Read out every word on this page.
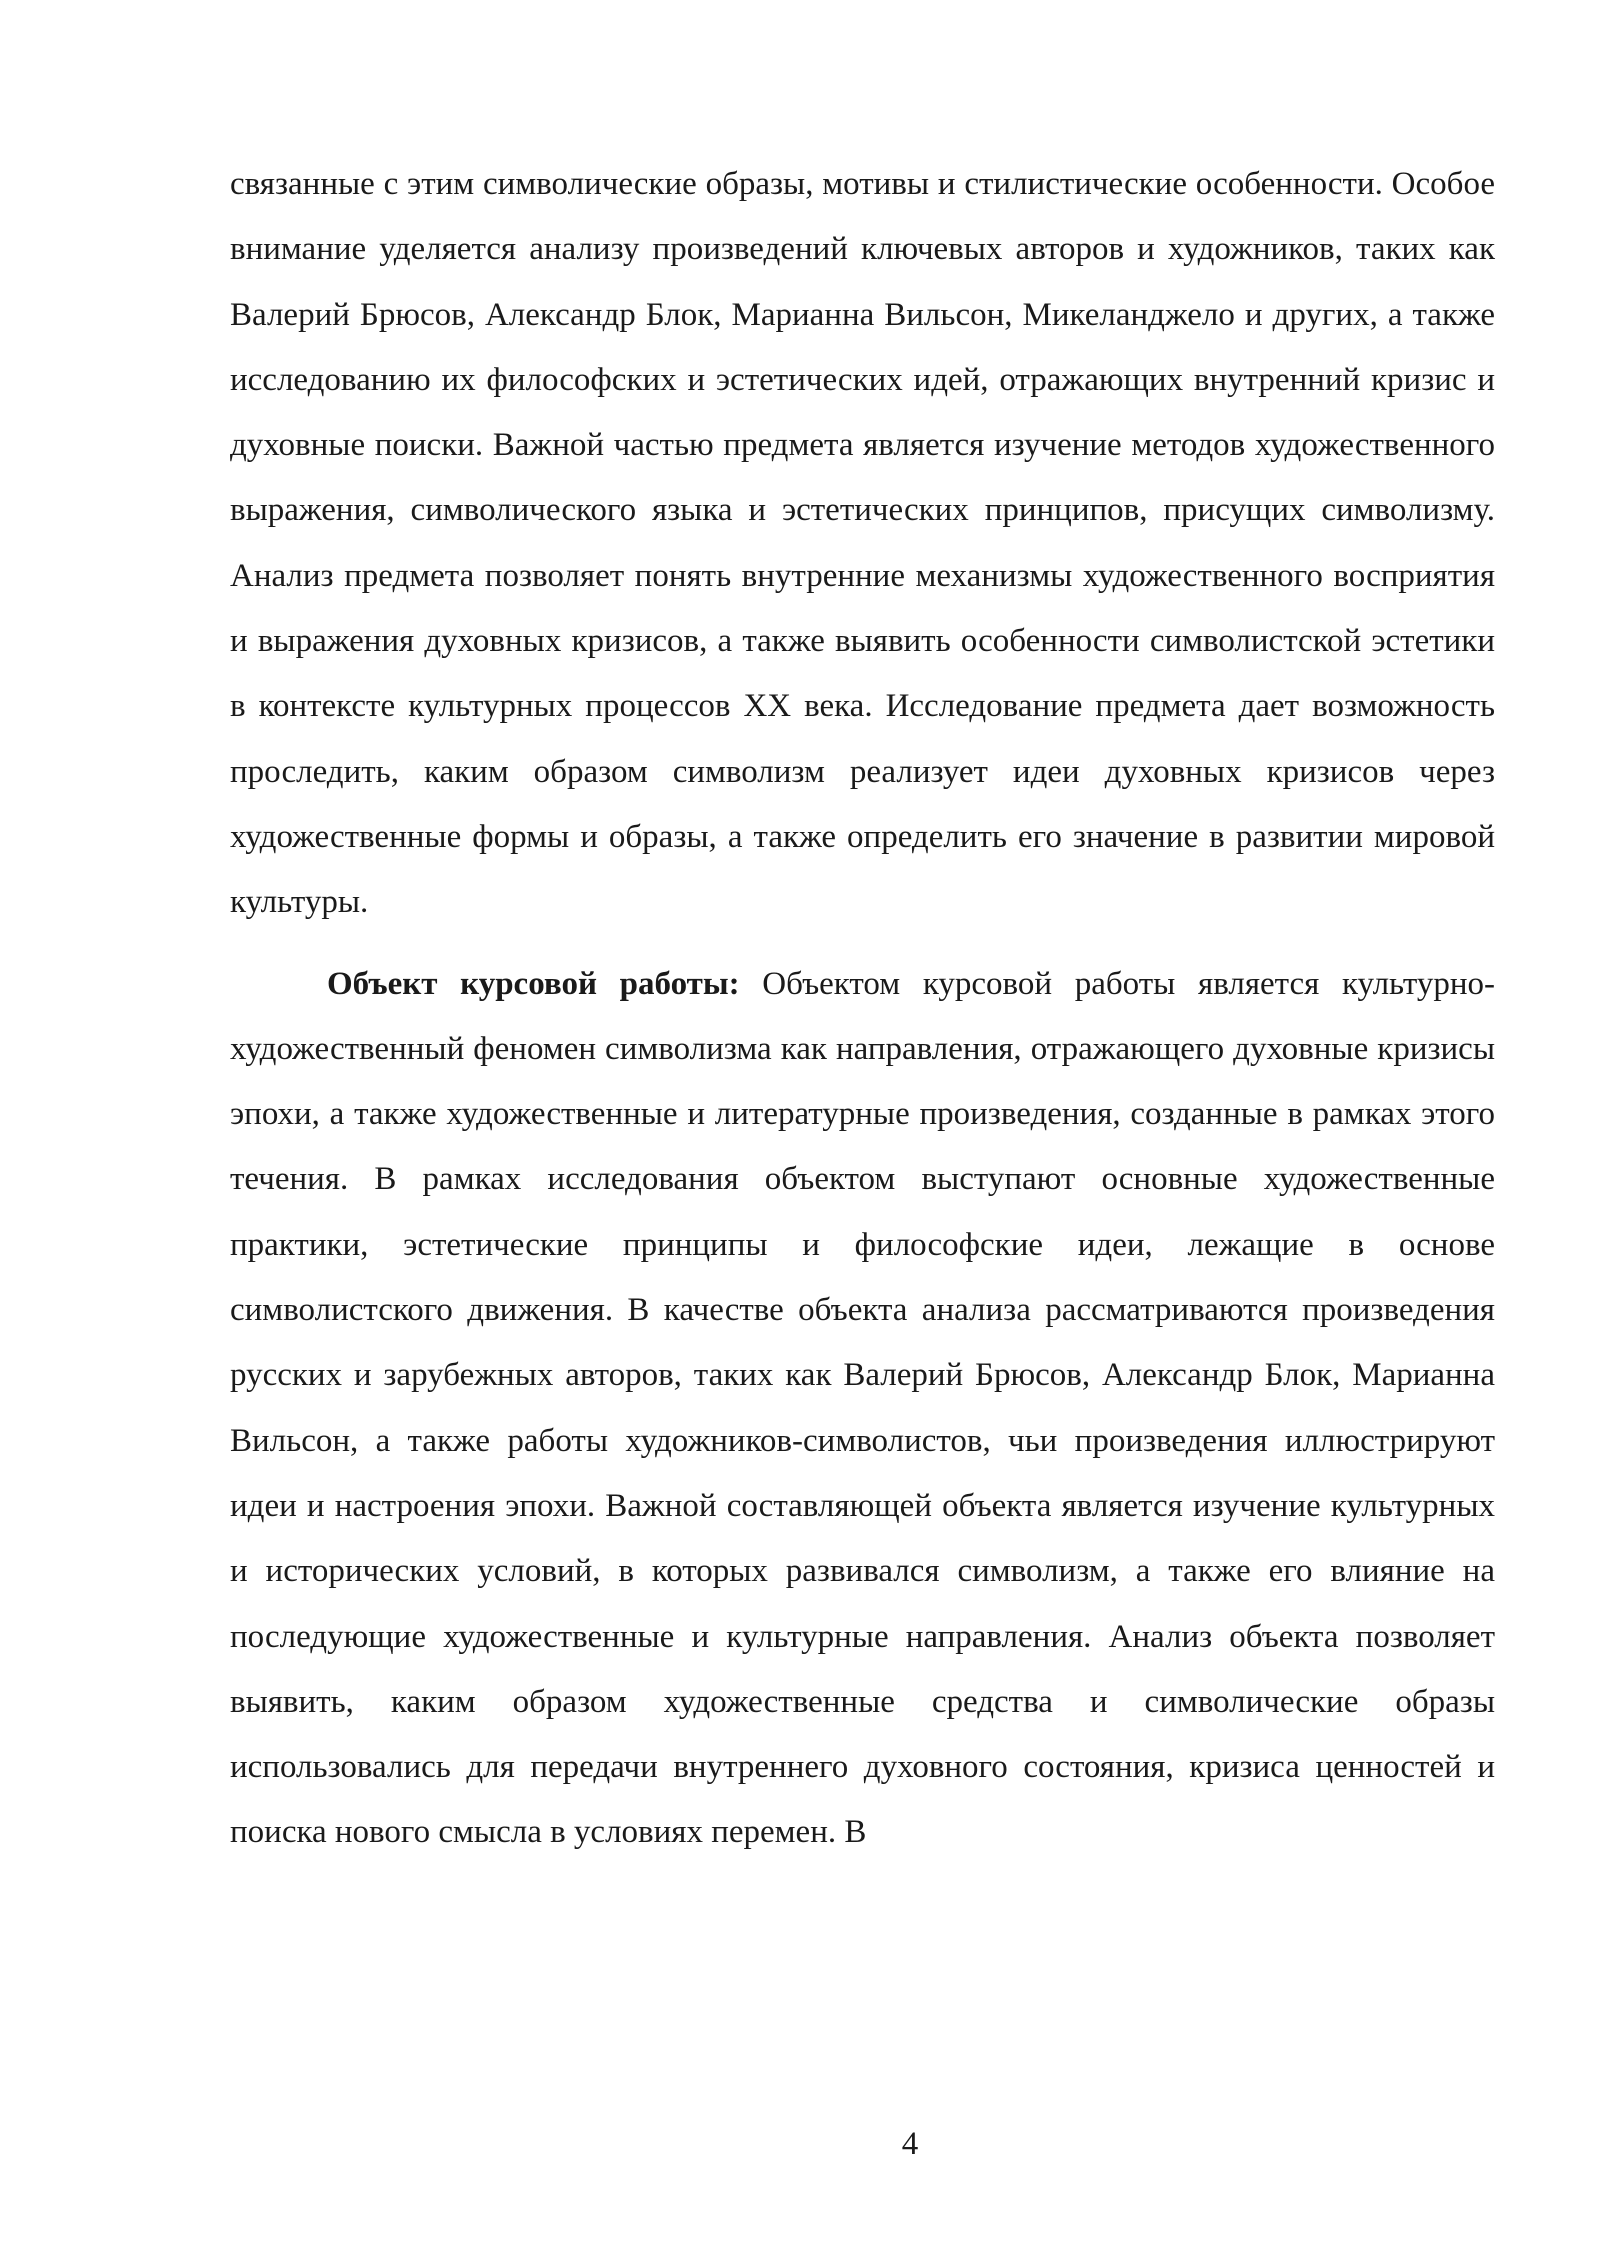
связанные с этим символические образы, мотивы и стилистические особенности. Особое внимание уделяется анализу произведений ключевых авторов и художников, таких как Валерий Брюсов, Александр Блок, Марианна Вильсон, Микеланджело и других, а также исследованию их философских и эстетических идей, отражающих внутренний кризис и духовные поиски. Важной частью предмета является изучение методов художественного выражения, символического языка и эстетических принципов, присущих символизму. Анализ предмета позволяет понять внутренние механизмы художественного восприятия и выражения духовных кризисов, а также выявить особенности символистской эстетики в контексте культурных процессов XX века. Исследование предмета дает возможность проследить, каким образом символизм реализует идеи духовных кризисов через художественные формы и образы, а также определить его значение в развитии мировой культуры.

Объект курсовой работы: Объектом курсовой работы является культурно-художественный феномен символизма как направления, отражающего духовные кризисы эпохи, а также художественные и литературные произведения, созданные в рамках этого течения. В рамках исследования объектом выступают основные художественные практики, эстетические принципы и философские идеи, лежащие в основе символистского движения. В качестве объекта анализа рассматриваются произведения русских и зарубежных авторов, таких как Валерий Брюсов, Александр Блок, Марианна Вильсон, а также работы художников-символистов, чьи произведения иллюстрируют идеи и настроения эпохи. Важной составляющей объекта является изучение культурных и исторических условий, в которых развивался символизм, а также его влияние на последующие художественные и культурные направления. Анализ объекта позволяет выявить, каким образом художественные средства и символические образы использовались для передачи внутреннего духовного состояния, кризиса ценностей и поиска нового смысла в условиях перемен. В

4
